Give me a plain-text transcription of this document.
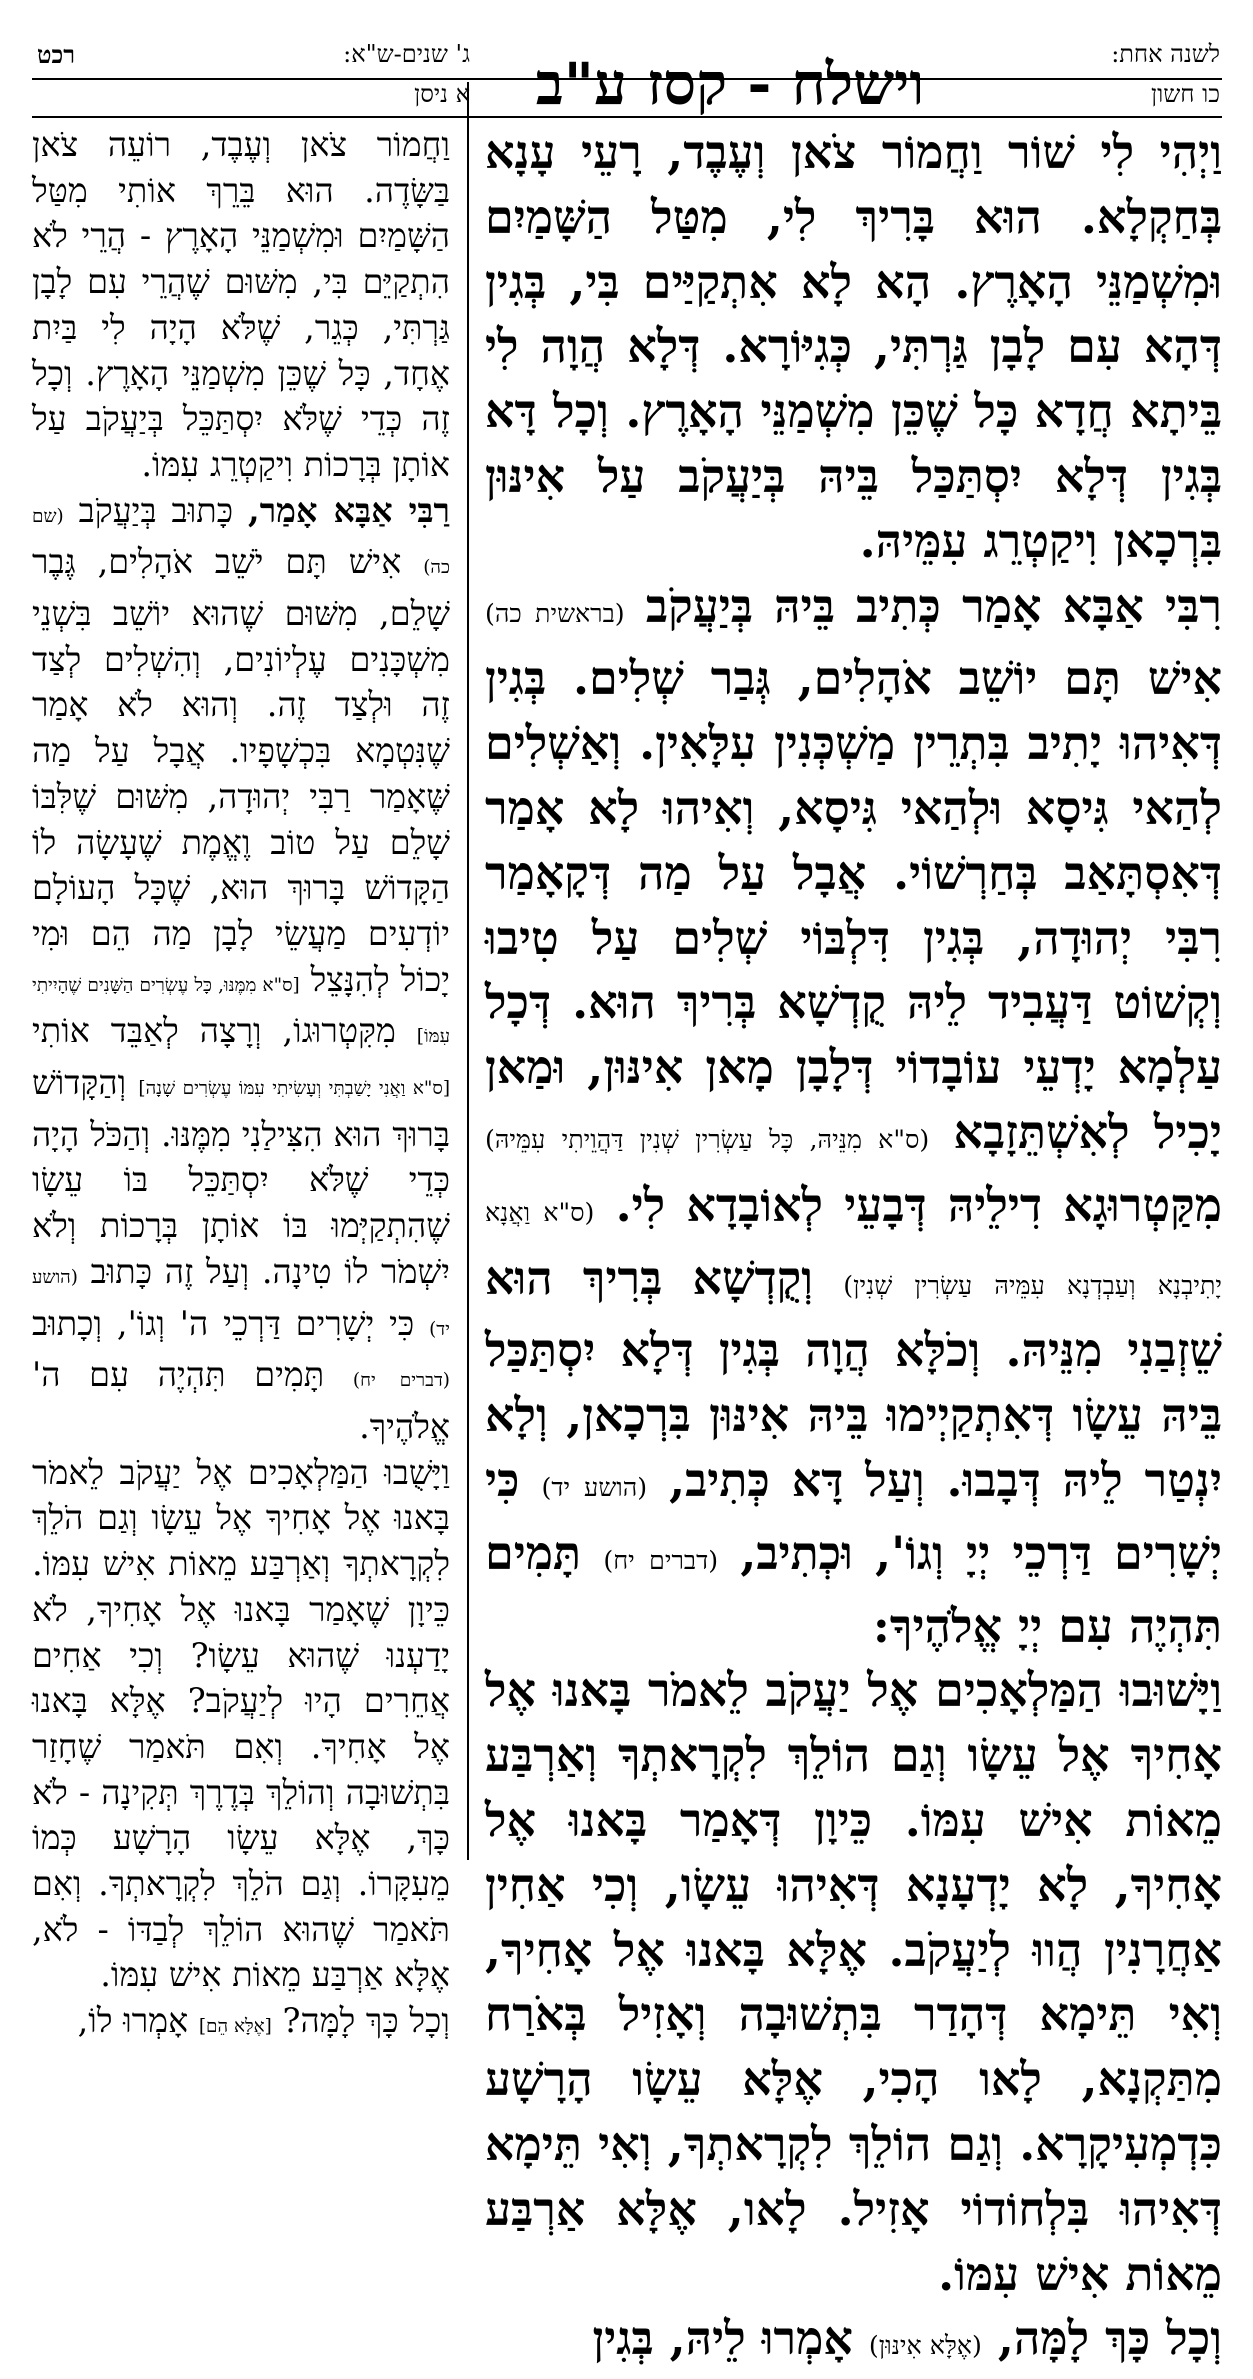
רכט	ג' שנים-ש"א:
א ניסן	וישלח - קסז ע"ב	לשנה אחת:
כו חשון

וַיְהִי לִי שׁוֹר וַחֲמוֹר צֹאן וְעֶבֶד, רָעֵי עָנָא בְּחַקְלָא. הוּא בָּרִיךְ לִי, מִטַּל הַשָּׁמַיִם וּמִשְׁמַנֵּי הָאָרֶץ. הָא לָא אִתְקַיַּים בִּי, בְּגִין דְּהָא עִם לָבָן גַּרְתִּי, כְּגִיּוֹרָא. דְּלָא הֲוָה לִי בֵּיתָא חֲדָא כָּל שֶׁכֵּן מִשְׁמַנֵּי הָאָרֶץ. וְכָל דָּא בְּגִין דְּלָא יִסְתַּכַּל בֵּיהּ בְּיַעֲקֹב עַל אִינּוּן בִּרְכָאן וִיקַטְרֵג עִמֵּיהּ.

רִבִּי אַבָּא אָמַר כְּתִיב בֵּיהּ בְּיַעֲקֹב (בראשית כה) אִישׁ תָּם יוֹשֵׁב אֹהָלִים, גְּבַר שְׁלִים. בְּגִין דְּאִיהוּ יָתִיב בִּתְרֵין מַשְׁכְּנִין עִלָּאִין. וְאַשְׁלִים לְהַאי גִּיסָא וּלְהַאי גִּיסָא, וְאִיהוּ לָא אָמַר דְּאִסְתָּאַב בְּחַרְשׁוֹי. אֲבָל עַל מַה דְּקָאָמַר רִבִּי יְהוּדָה, בְּגִין דִּלְבּוֹי שְׁלִים עַל טִיבוּ וְקְשׁוֹט דַּעֲבִיד לֵיהּ קֻדְשָׁא בְּרִיךְ הוּא. דְּכָל עַלְמָא יָדְעֵי עוֹבָדוֹי דְּלָבָן מָאן אִינּוּן, וּמַאן יָכִיל לְאִשְׁתֵּזָבָא (ס"א מִנֵּיהּ, כָּל עַשְׂרִין שְׁנִין דַּהֲוֵיתִי עִמֵּיהּ) מִקַּטְרוּגָא דִילֵיהּ דְּבָעֵי לְאוֹבָדָא לִי. (ס"א וַאֲנָא יָתִיבְנָא וְעַבְדְנָא עִמֵּיהּ עַשְׂרִין שְׁנִין) וְקֻדְשָׁא בְּרִיךְ הוּא שֵׁזְבַנִי מִנֵּיהּ. וְכֹלָּא הֲוָה בְּגִין דְּלָא יִסְתַּכַּל בֵּיהּ עֵשָׂו דְּאִתְקַיְימוּ בֵּיהּ אִינּוּן בִּרְכָאן, וְלָא יִנְטַר לֵיהּ דְּבָבוּ. וְעַל דָּא כְּתִיב, (הושע יד) כִּי יְשָׁרִים דַּרְכֵי יְיָ וְגוֹ', וּכְתִיב, (דברים יח) תָּמִים תִּהְיֶה עִם יְיָ אֱלֹהֶיךָ:

וַיָּשׁוּבוּ הַמַּלְאָכִים אֶל יַעֲקֹב לֵאמֹר בָּאנוּ אֶל אָחִיךָ אֶל עֵשָׂו וְגַם הוֹלֵךְ לִקְרָאתְךָ וְאַרְבַּע מֵאוֹת אִישׁ עִמּוֹ. כֵּיוָן דְּאָמַר בָּאנוּ אֶל אָחִיךָ, לָא יָדְעָנָא דְּאִיהוּ עֵשָׂו, וְכִי אַחִין אַחֲרָנִין הֲווּ לְיַעֲקֹב. אֶלָּא בָּאנוּ אֶל אָחִיךָ, וְאִי תֵּימָא דְּהָדַר בִּתְשׁוּבָה וְאָזִיל בְּאֹרַח מִתַּקְנָא, לָאו הָכִי, אֶלָּא עֵשָׂו הָרָשָׁע כִּדְמְעִיקָרָא. וְגַם הוֹלֵךְ לִקְרָאתְךָ, וְאִי תֵּימָא דְּאִיהוּ בִּלְחוֹדוֹי אָזִיל. לָאו, אֶלָּא אַרְבַּע מֵאוֹת אִישׁ עִמּוֹ.

וְכָל כָּךְ לָמָּה, (אֶלָּא אִינּוּן) אָמְרוּ לֵיהּ, בְּגִין

וַחֲמוֹר צֹאן וְעֶבֶד, רוֹעֵה צֹאן בַּשָּׂדֶה. הוּא בֵּרֵךְ אוֹתִי מִטַּל הַשָּׁמַיִם וּמִשְׁמַנֵּי הָאָרֶץ - הֲרֵי לֹא הִתְקַיֵּם בִּי, מִשּׁוּם שֶׁהֲרֵי עִם לָבָן גַּרְתִּי, כְּגֵר, שֶׁלֹּא הָיָה לִי בַּיִת אֶחָד, כָּל שֶׁכֵּן מִשְׁמַנֵּי הָאָרֶץ. וְכָל זֶה כְּדֵי שֶׁלֹּא יִסְתַּכֵּל בְּיַעֲקֹב עַל אוֹתָן בְּרָכוֹת וִיקַטְרֵג עִמּוֹ.

רַבִּי אַבָּא אָמַר, כָּתוּב בְּיַעֲקֹב (שם כה) אִישׁ תָּם יֹשֵׁב אֹהָלִים, גֶּבֶר שָׁלֵם, מִשּׁוּם שֶׁהוּא יוֹשֵׁב בִּשְׁנֵי מִשְׁכָּנִים עֶלְיוֹנִים, וְהִשְׁלִים לְצַד זֶה וּלְצַד זֶה. וְהוּא לֹא אָמַר שֶׁנִּטְמָא בִּכְשָׁפָיו. אֲבָל עַל מַה שֶּׁאָמַר רַבִּי יְהוּדָה, מִשּׁוּם שֶׁלִּבּוֹ שָׁלֵם עַל טוֹב וֶאֱמֶת שֶׁעָשָׂה לוֹ הַקָּדוֹשׁ בָּרוּךְ הוּא, שֶׁכָּל הָעוֹלָם יוֹדְעִים מַעֲשֵׂי לָבָן מַה הֵם וּמִי יָכוֹל לְהִנָּצֵל [ס"א מִמֶּנּוּ, כָּל עֶשְׂרִים הַשָּׁנִים שֶׁהָיִיתִי עִמּוֹ] מִקִּטְרוּגוֹ, וְרָצָה לְאַבֵּד אוֹתִי [ס"א וַאֲנִי יָשַׁבְתִּי וְעָשִׂיתִי עִמּוֹ עֶשְׂרִים שָׁנָה] וְהַקָּדוֹשׁ בָּרוּךְ הוּא הִצִּילַנִי מִמֶּנּוּ. וְהַכֹּל הָיָה כְּדֵי שֶׁלֹּא יִסְתַּכֵּל בּוֹ עֵשָׂו שֶׁהִתְקַיְּמוּ בּוֹ אוֹתָן בְּרָכוֹת וְלֹא יִשְׁמֹר לוֹ טִינָה. וְעַל זֶה כָּתוּב (הושע יד) כִּי יְשָׁרִים דַּרְכֵי ה' וְגוֹ', וְכָתוּב (דברים יח) תָּמִים תִּהְיֶה עִם ה' אֱלֹהֶיךָ.

וַיָּשֻׁבוּ הַמַּלְאָכִים אֶל יַעֲקֹב לֵאמֹר בָּאנוּ אֶל אָחִיךָ אֶל עֵשָׂו וְגַם הֹלֵךְ לִקְרָאתְךָ וְאַרְבַּע מֵאוֹת אִישׁ עִמּוֹ. כֵּיוָן שֶׁאָמַר בָּאנוּ אֶל אָחִיךָ, לֹא יָדַעְנוּ שֶׁהוּא עֵשָׂו? וְכִי אַחִים אֲחֵרִים הָיוּ לְיַעֲקֹב? אֶלָּא בָּאנוּ אֶל אָחִיךָ. וְאִם תֹּאמַר שֶׁחָזַר בִּתְשׁוּבָה וְהוֹלֵךְ בְּדֶרֶךְ תְּקִינָה - לֹא כָּךְ, אֶלָּא עֵשָׂו הָרָשָׁע כְּמוֹ מֵעִקָּרוֹ. וְגַם הֹלֵךְ לִקְרָאתְךָ. וְאִם תֹּאמַר שֶׁהוּא הוֹלֵךְ לְבַדּוֹ - לֹא, אֶלָּא אַרְבַּע מֵאוֹת אִישׁ עִמּוֹ.

וְכָל כָּךְ לָמָּה? [אֶלָּא הֵם] אָמְרוּ לוֹ,
